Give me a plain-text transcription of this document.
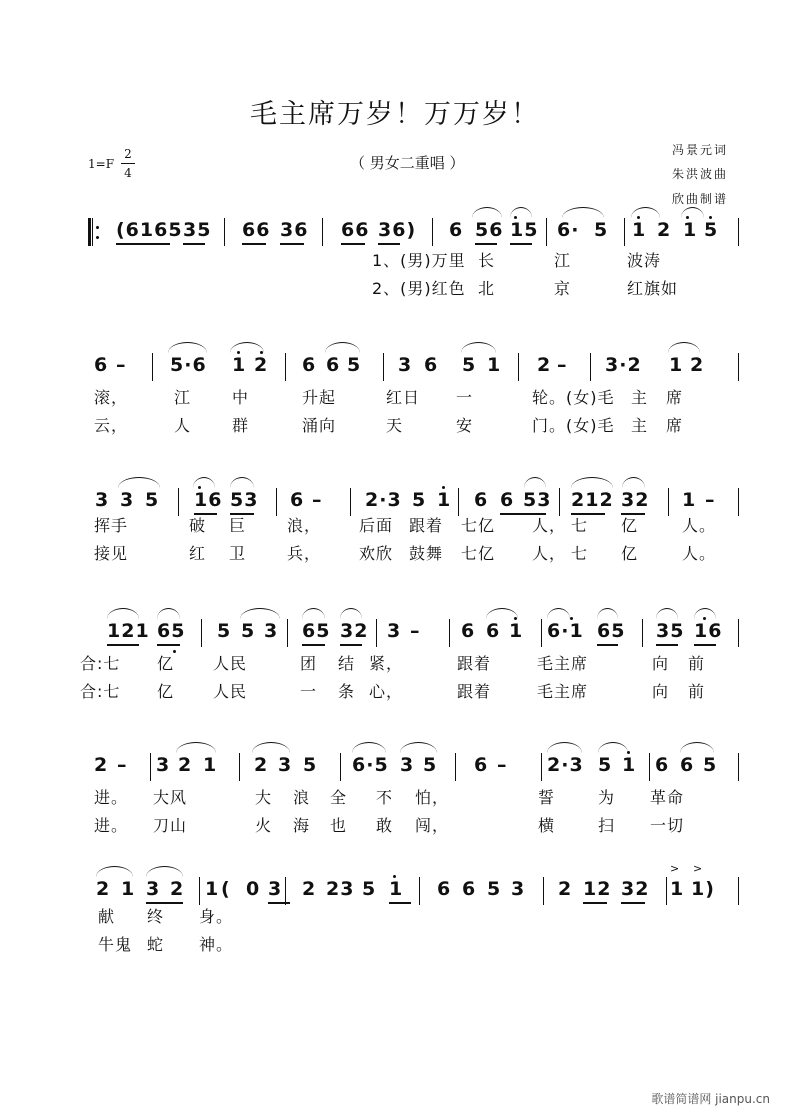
毛主席万岁！万万岁！
（ 男女二重唱 ）
1=F
2
4
冯景元词
朱洪波曲
欣曲制谱
(6165 35 66 36 66 36) 6 56 15 6· 5 1 2 1 5
1、(男)万里 长	江	波涛
2、(男)红色 北	京	红旗如
6 – 5·6 1 2 6 6 5 3 6 5 1 2 – 3·2 1 2
滚，	江	中	升起	红日 一	轮。(女)毛 主 席
云，	人	群	涌向	天	安	门。(女)毛 主 席
3 3 5 16 53 6 – 2·3 5 1 6 6 53 212 32 1 –
挥手	破 巨	浪， 后面 跟着 七亿 人， 七 亿	人。
接见	红 卫	兵， 欢欣 鼓舞 七亿 人， 七 亿	人。
121 65 5 5 3 65 32 3 – 6 6 1 6·1 65 35 16
合:七 亿 人民	团 结 紧，	跟着	毛主席	向 前
合:七 亿 人民	一 条 心，	跟着	毛主席	向 前
2 – 3 2 1 2 3 5 6·5 3 5 6 – 2·3 5 1 6 6 5
进。 大风	大 浪 全 不 怕，	誓	为 革命
进。 刀山	火 海 也 敢 闯，	横	扫 一切
2 1 3 2 1 ( 0 3 2 23 5 1 6 6 5 3 2 12 32 1 1)
> >
献 终 身。
牛鬼 蛇 神。
歌谱简谱网 jianpu.cn
